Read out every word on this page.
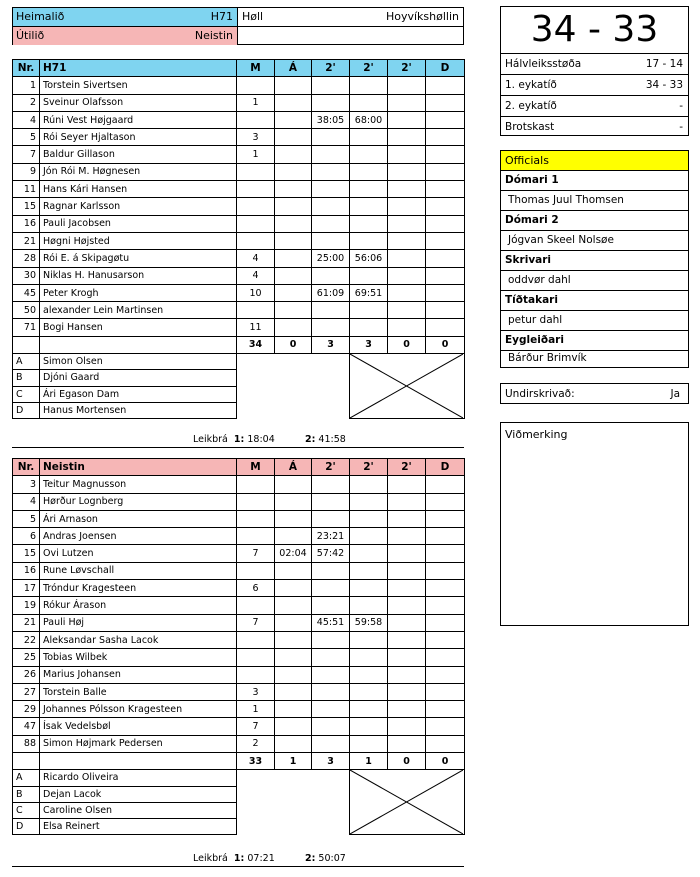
Heimalið	H71 Høll	Hoyvíkshøllin
Útilið	Neistin
Nr.	H71	M	Á	2'	2'	2'	D
1	Torstein Sivertsen						
2	Sveinur Olafsson	1					
4	Rúni Vest Højgaard			38:05	68:00		
5	Rói Seyer Hjaltason	3					
7	Baldur Gillason	1					
9	Jón Rói M. Høgnesen						
11	Hans Kári Hansen						
15	Ragnar Karlsson						
16	Pauli Jacobsen						
21	Høgni Højsted						
28	Rói E. á Skipagøtu	4		25:00	56:06		
30	Niklas H. Hanusarson	4					
45	Peter Krogh	10		61:09	69:51		
50	alexander Lein Martinsen						
71	Bogi Hansen	11					
		34	0	3	3	0	0
A	Simon Olsen		

B	Djóni Gaard						
C	Ári Egason Dam						
D	Hanus Mortensen						
Nr.	Neistin	M	Á	2'	2'	2'	D
3	Teitur Magnusson						
4	Hørður Lognberg						
5	Ári Arnason						
6	Andras Joensen			23:21			
15	Ovi Lutzen	7	02:04	57:42			
16	Rune Løvschall						
17	Tróndur Kragesteen	6					
19	Rókur Árason						
21	Pauli Høj	7		45:51	59:58		
22	Aleksandar Sasha Lacok						
25	Tobias Wilbek						
26	Marius Johansen						
27	Torstein Balle	3					
29	Johannes Pólsson Kragesteen	1					
47	Ísak Vedelsbøl	7					
88	Simon Højmark Pedersen	2					
		33	1	3	1	0	0
A	Ricardo Oliveira		

B	Dejan Lacok						
C	Caroline Olsen						
D	Elsa Reinert						
Leikbrá 1: 18:04	2: 41:58
Leikbrá 1: 07:21	2: 50:07
34 - 33
Hálvleiksstøða	17 - 14
1. eykatíð	34 - 33
2. eykatíð	-
Brotskast	-
Officials
Dómari 1
Thomas Juul Thomsen
Dómari 2
Jógvan Skeel Nolsøe
Skrivari
oddvør dahl
Tíðtakari
petur dahl
Eygleiðari
Bárður Brimvík
Undirskrivað:	Ja
Viðmerking
